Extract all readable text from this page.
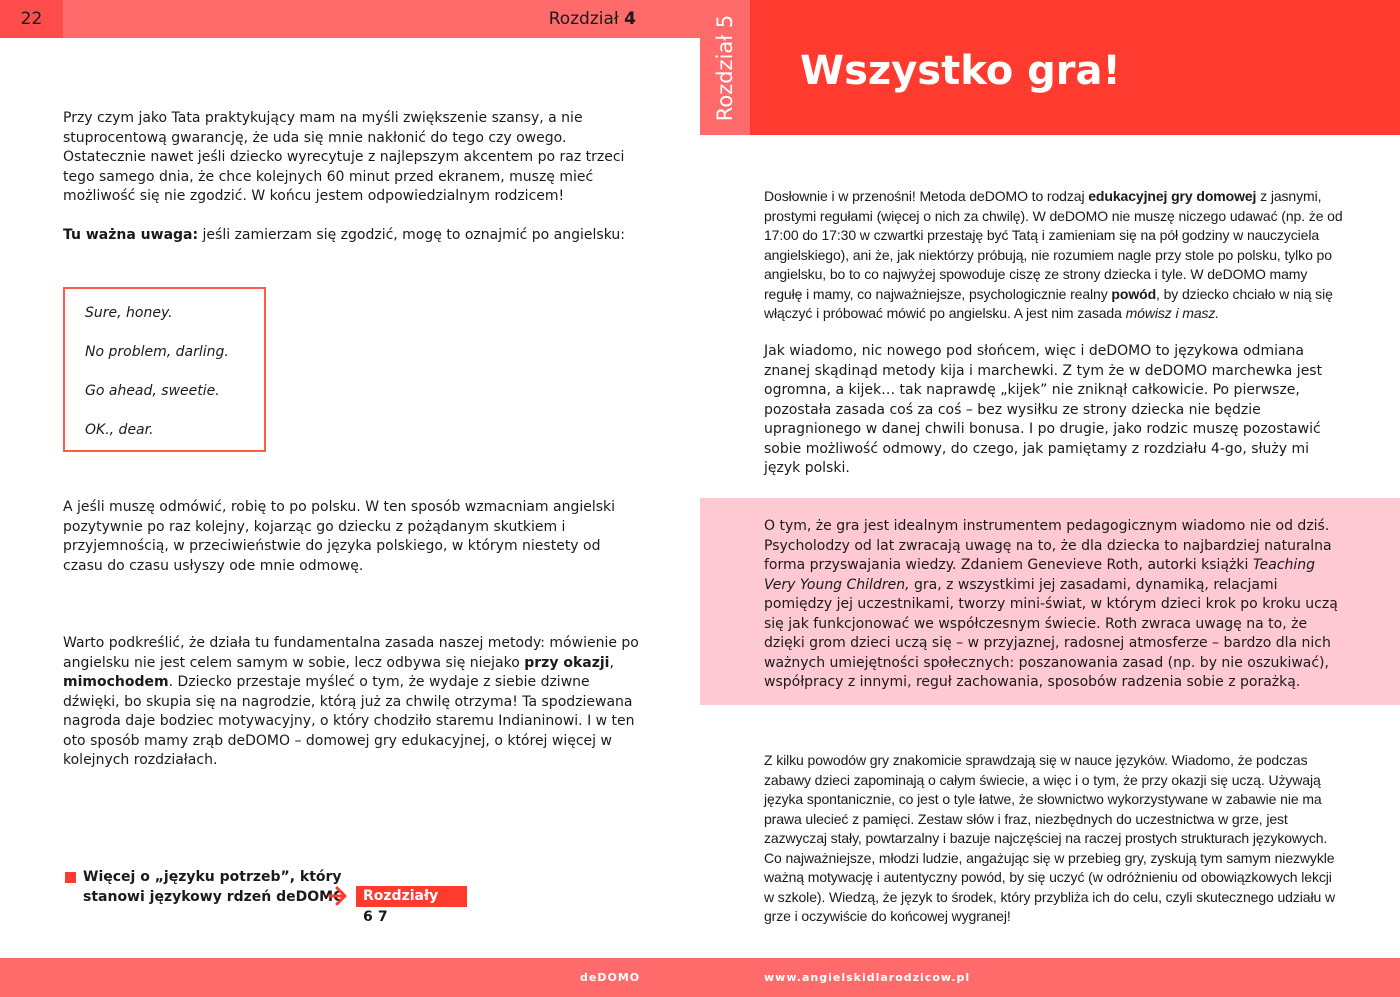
22	Rozdział 4	Rozdział 5 Wszystko gra!

Przy czym jako Tata praktykujący mam na myśli zwiększenie szansy, a nie stuprocentową gwarancję, że uda się mnie nakłonić do tego czy owego. Ostatecznie nawet jeśli dziecko wyrecytuje z najlepszym akcentem po raz trzeci tego samego dnia, że chce kolejnych 60 minut przed ekranem, muszę mieć możliwość się nie zgodzić. W końcu jestem odpowiedzialnym rodzicem!

Tu ważna uwaga: jeśli zamierzam się zgodzić, mogę to oznajmić po angielsku:

Sure, honey.
No problem, darling.
Go ahead, sweetie.
OK., dear.

A jeśli muszę odmówić, robię to po polsku. W ten sposób wzmacniam angielski pozytywnie po raz kolejny, kojarząc go dziecku z pożądanym skutkiem i przyjemnością, w przeciwieństwie do języka polskiego, w którym niestety od czasu do czasu usłyszy ode mnie odmowę.

Warto podkreślić, że działa tu fundamentalna zasada naszej metody: mówienie po angielsku nie jest celem samym w sobie, lecz odbywa się niejako przy okazji, mimochodem. Dziecko przestaje myśleć o tym, że wydaje z siebie dziwne dźwięki, bo skupia się na nagrodzie, którą już za chwilę otrzyma! Ta spodziewana nagroda daje bodziec motywacyjny, o który chodziło staremu Indianinowi. I w ten oto sposób mamy zrąb deDOMO – domowej gry edukacyjnej, o której więcej w kolejnych rozdziałach.

Więcej o „języku potrzeb”, który
stanowi językowy rdzeń deDOMO	Rozdziały 6|7

Dosłownie i w przenośni! Metoda deDOMO to rodzaj edukacyjnej gry domowej z jasnymi, prostymi regułami (więcej o nich za chwilę). W deDOMO nie muszę niczego udawać (np. że od 17:00 do 17:30 w czwartki przestaję być Tatą i zamieniam się na pół godziny w nauczyciela angielskiego), ani że, jak niektórzy próbują, nie rozumiem nagle przy stole po polsku, tylko po angielsku, bo to co najwyżej spowoduje ciszę ze strony dziecka i tyle. W deDOMO mamy regułę i mamy, co najważniejsze, psychologicznie realny powód, by dziecko chciało w nią się włączyć i próbować mówić po angielsku. A jest nim zasada mówisz i masz.

Jak wiadomo, nic nowego pod słońcem, więc i deDOMO to językowa odmiana znanej skądinąd metody kija i marchewki. Z tym że w deDOMO marchewka jest ogromna, a kijek… tak naprawdę „kijek” nie zniknął całkowicie. Po pierwsze, pozostała zasada coś za coś – bez wysiłku ze strony dziecka nie będzie upragnionego w danej chwili bonusa. I po drugie, jako rodzic muszę pozostawić sobie możliwość odmowy, do czego, jak pamiętamy z rozdziału 4-go, służy mi język polski.

O tym, że gra jest idealnym instrumentem pedagogicznym wiadomo nie od dziś. Psycholodzy od lat zwracają uwagę na to, że dla dziecka to najbardziej naturalna forma przyswajania wiedzy. Zdaniem Genevieve Roth, autorki książki Teaching Very Young Children, gra, z wszystkimi jej zasadami, dynamiką, relacjami pomiędzy jej uczestnikami, tworzy mini-świat, w którym dzieci krok po kroku uczą się jak funkcjonować we współczesnym świecie. Roth zwraca uwagę na to, że dzięki grom dzieci uczą się – w przyjaznej, radosnej atmosferze – bardzo dla nich ważnych umiejętności społecznych: poszanowania zasad (np. by nie oszukiwać), współpracy z innymi, reguł zachowania, sposobów radzenia sobie z porażką.

Z kilku powodów gry znakomicie sprawdzają się w nauce języków. Wiadomo, że podczas zabawy dzieci zapominają o całym świecie, a więc i o tym, że przy okazji się uczą. Używają języka spontanicznie, co jest o tyle łatwe, że słownictwo wykorzystywane w zabawie nie ma prawa ulecieć z pamięci. Zestaw słów i fraz, niezbędnych do uczestnictwa w grze, jest zazwyczaj stały, powtarzalny i bazuje najczęściej na raczej prostych strukturach językowych. Co najważniejsze, młodzi ludzie, angażując się w przebieg gry, zyskują tym samym niezwykle ważną motywację i autentyczny powód, by się uczyć (w odróżnieniu od obowiązkowych lekcji w szkole). Wiedzą, że język to środek, który przybliża ich do celu, czyli skutecznego udziału w grze i oczywiście do końcowej wygranej!

deDOMO	www.angielskidlarodzicow.pl
